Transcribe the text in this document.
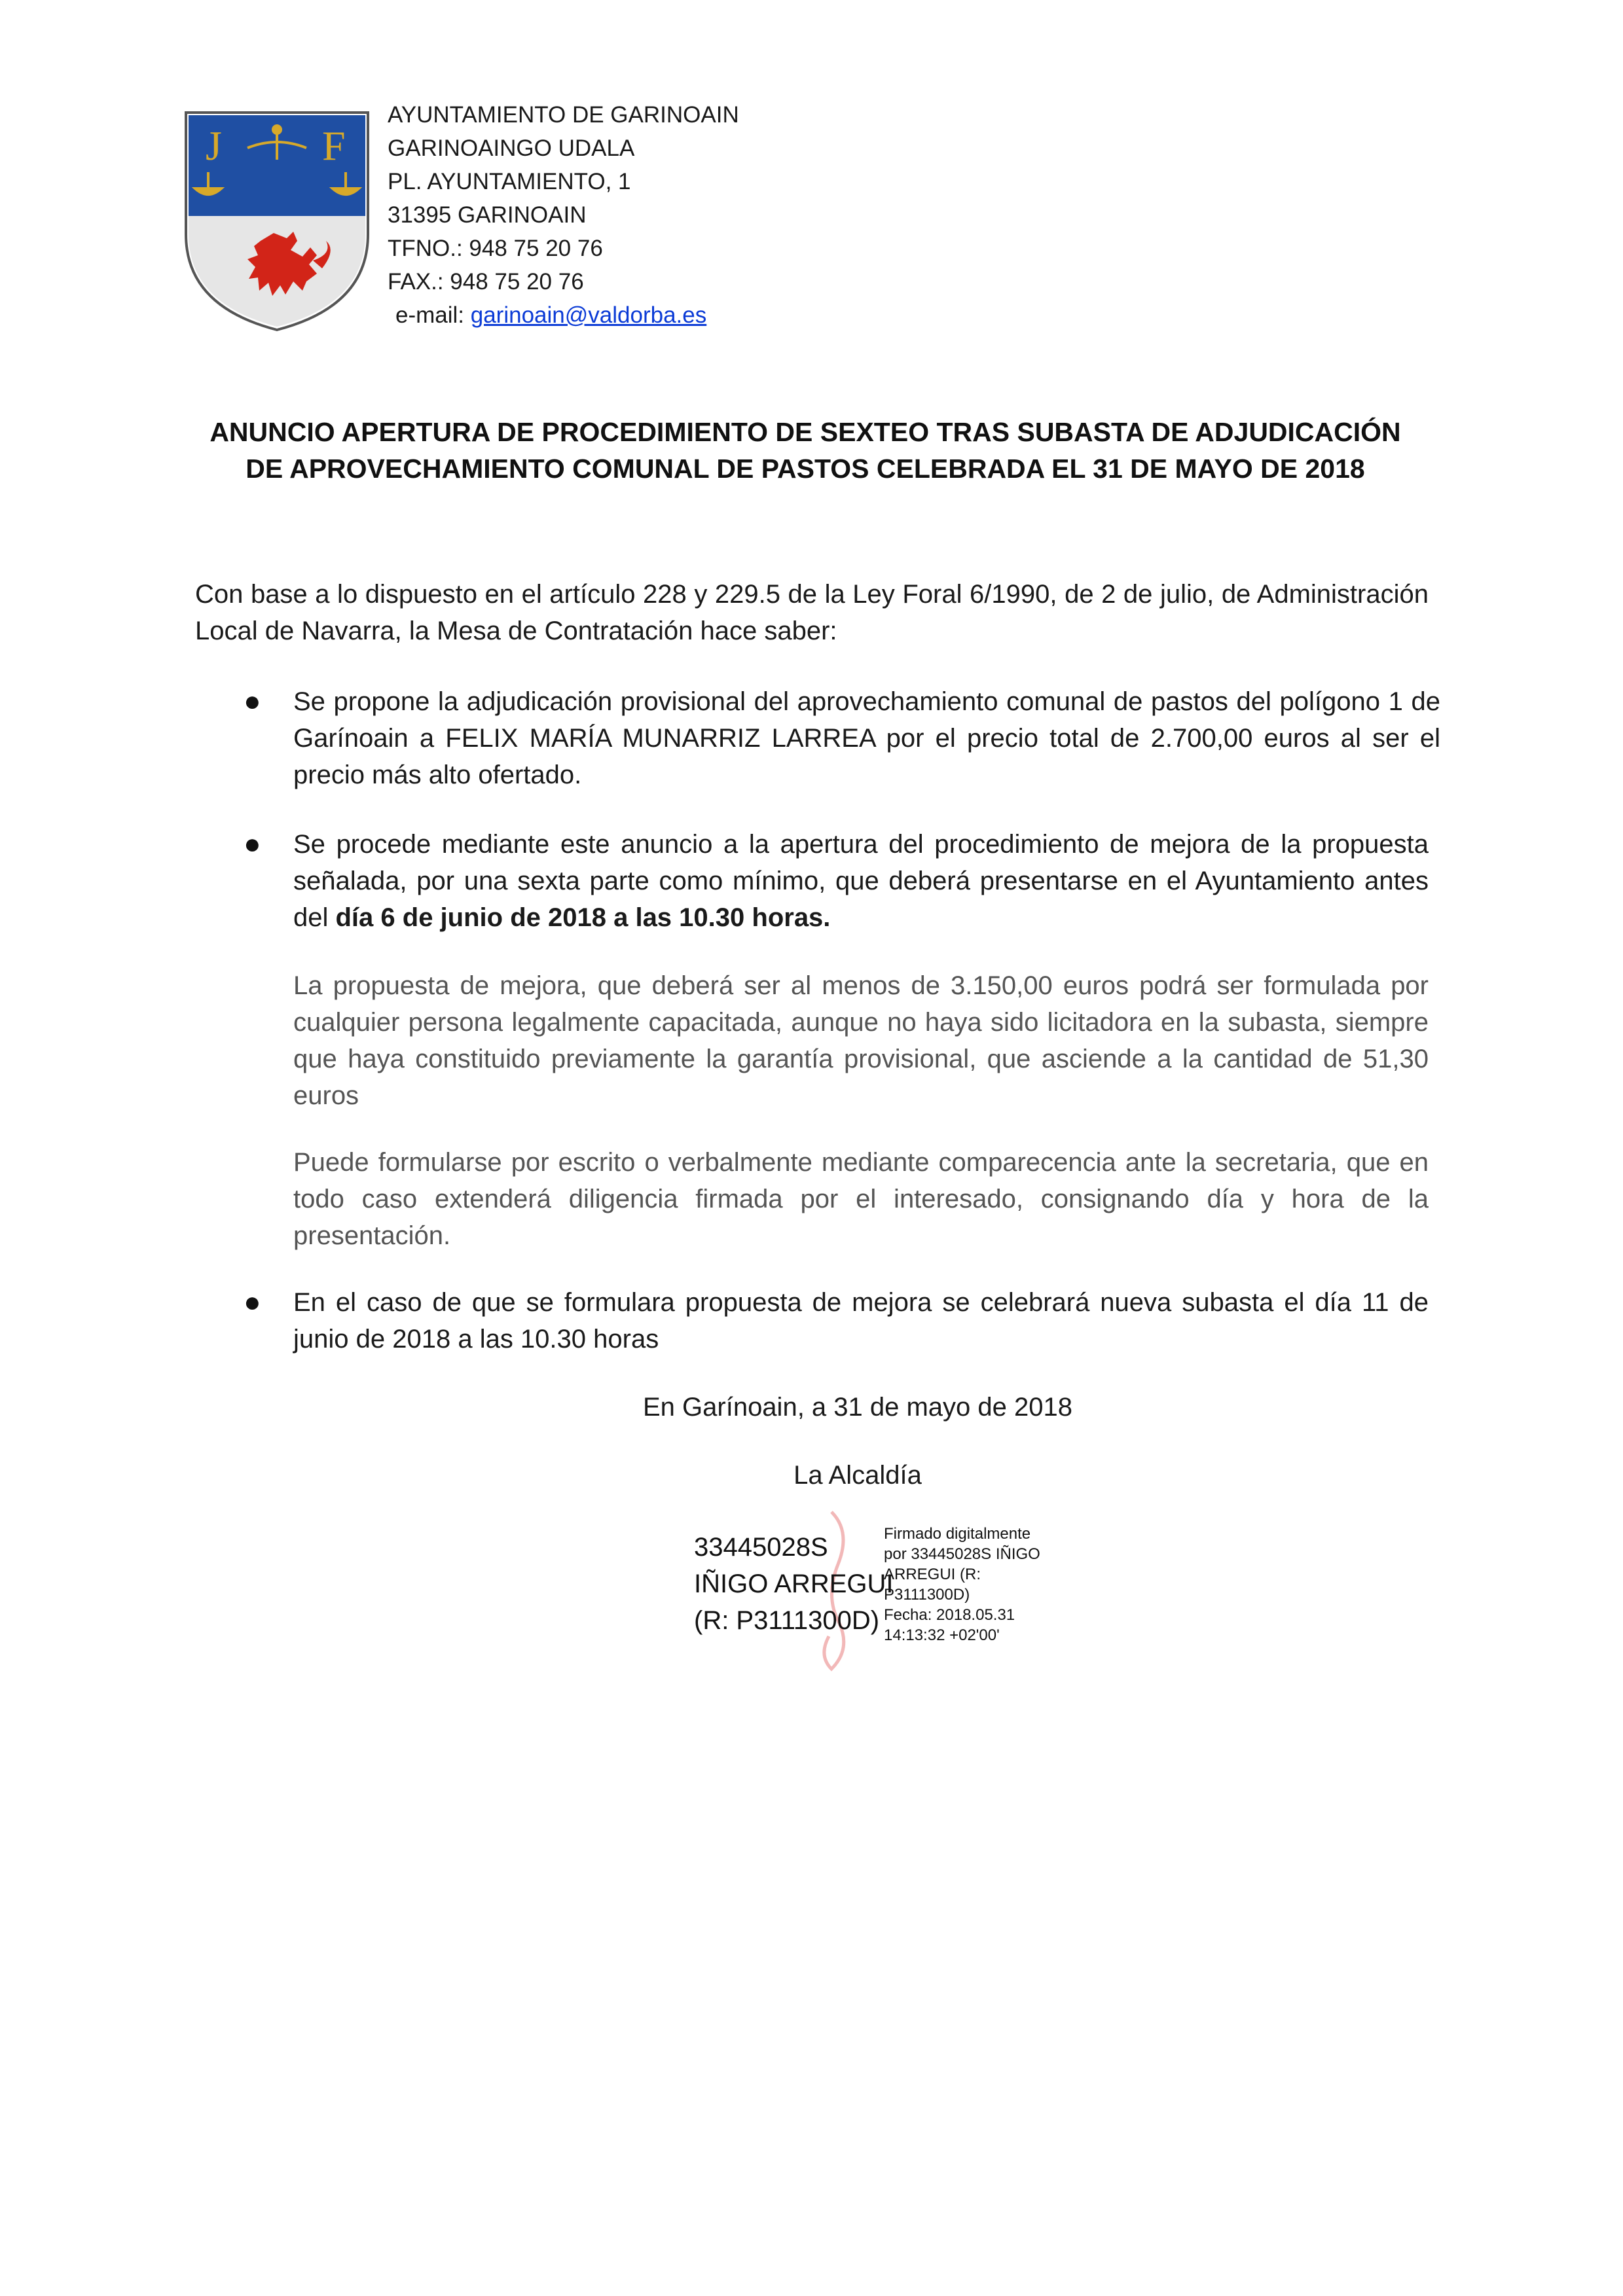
J F
AYUNTAMIENTO DE GARINOAIN
GARINOAINGO UDALA
PL. AYUNTAMIENTO, 1
31395 GARINOAIN
TFNO.: 948 75 20 76
FAX.: 948 75 20 76
e-mail: garinoain@valdorba.es
ANUNCIO APERTURA DE PROCEDIMIENTO DE SEXTEO TRAS SUBASTA DE ADJUDICACIÓN
DE APROVECHAMIENTO COMUNAL DE PASTOS CELEBRADA EL 31 DE MAYO DE 2018
Con base a lo dispuesto en el artículo 228 y 229.5 de la Ley Foral 6/1990, de 2 de julio, de Administración Local de Navarra, la Mesa de Contratación hace saber:
● Se propone la adjudicación provisional del aprovechamiento comunal de pastos del polígono 1 de Garínoain a FELIX MARÍA MUNARRIZ LARREA por el precio total de 2.700,00 euros al ser el precio más alto ofertado.
● Se procede mediante este anuncio a la apertura del procedimiento de mejora de la propuesta señalada, por una sexta parte como mínimo, que deberá presentarse en el Ayuntamiento antes del día 6 de junio de 2018 a las 10.30 horas.
La propuesta de mejora, que deberá ser al menos de 3.150,00 euros podrá ser formulada por cualquier persona legalmente capacitada, aunque no haya sido licitadora en la subasta, siempre que haya constituido previamente la garantía provisional, que asciende a la cantidad de 51,30 euros
Puede formularse por escrito o verbalmente mediante comparecencia ante la secretaria, que en todo caso extenderá diligencia firmada por el interesado, consignando día y hora de la presentación.
● En el caso de que se formulara propuesta de mejora se celebrará nueva subasta el día 11 de junio de 2018 a las 10.30 horas
En Garínoain, a 31 de mayo de 2018
La Alcaldía
33445028S
IÑIGO ARREGUI
(R: P3111300D)
Firmado digitalmente
por 33445028S IÑIGO
ARREGUI (R:
P3111300D)
Fecha: 2018.05.31
14:13:32 +02'00'
